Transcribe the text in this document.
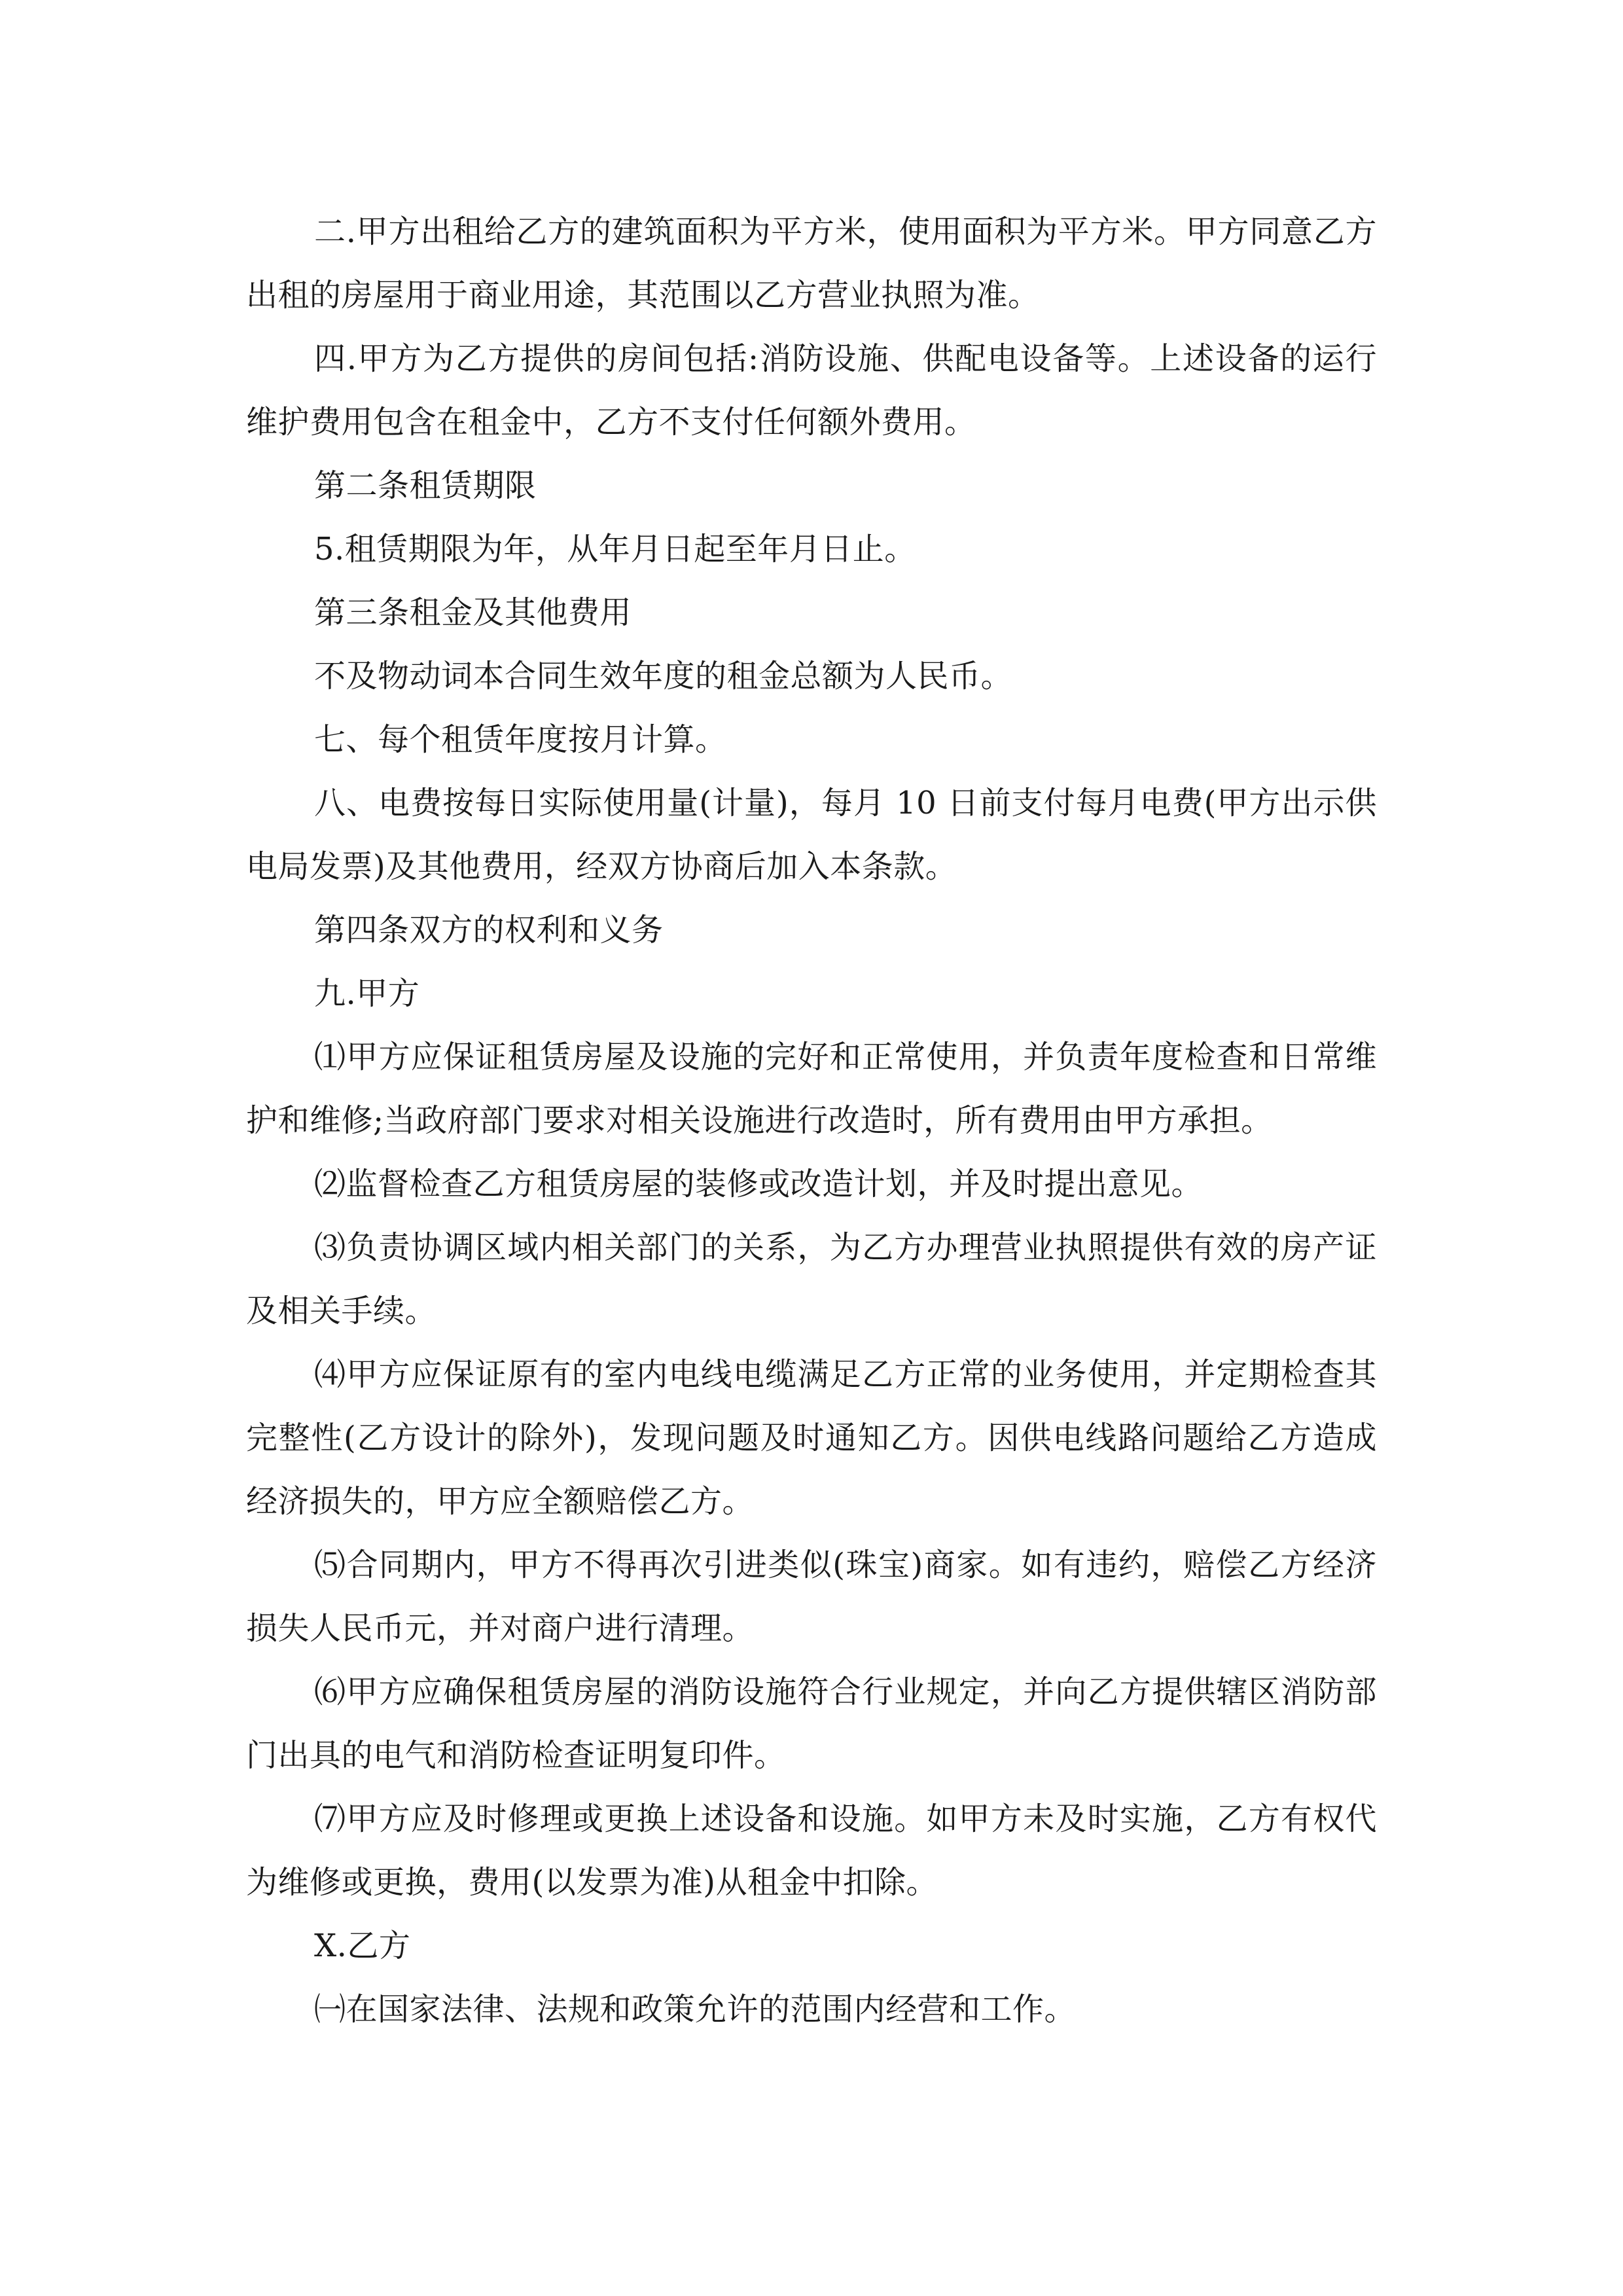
二.甲方出租给乙方的建筑面积为平方米，使用面积为平方米。甲方同意乙方出租的房屋用于商业用途，其范围以乙方营业执照为准。

四.甲方为乙方提供的房间包括:消防设施、供配电设备等。上述设备的运行维护费用包含在租金中，乙方不支付任何额外费用。

第二条租赁期限

5.租赁期限为年，从年月日起至年月日止。

第三条租金及其他费用

不及物动词本合同生效年度的租金总额为人民币。

七、每个租赁年度按月计算。

八、电费按每日实际使用量(计量)，每月 10 日前支付每月电费(甲方出示供电局发票)及其他费用，经双方协商后加入本条款。

第四条双方的权利和义务

九.甲方

⑴甲方应保证租赁房屋及设施的完好和正常使用，并负责年度检查和日常维护和维修;当政府部门要求对相关设施进行改造时，所有费用由甲方承担。

⑵监督检查乙方租赁房屋的装修或改造计划，并及时提出意见。

⑶负责协调区域内相关部门的关系，为乙方办理营业执照提供有效的房产证及相关手续。

⑷甲方应保证原有的室内电线电缆满足乙方正常的业务使用，并定期检查其完整性(乙方设计的除外)，发现问题及时通知乙方。因供电线路问题给乙方造成经济损失的，甲方应全额赔偿乙方。

⑸合同期内，甲方不得再次引进类似(珠宝)商家。如有违约，赔偿乙方经济损失人民币元，并对商户进行清理。

⑹甲方应确保租赁房屋的消防设施符合行业规定，并向乙方提供辖区消防部门出具的电气和消防检查证明复印件。

⑺甲方应及时修理或更换上述设备和设施。如甲方未及时实施，乙方有权代为维修或更换，费用(以发票为准)从租金中扣除。

X.乙方

㈠在国家法律、法规和政策允许的范围内经营和工作。
